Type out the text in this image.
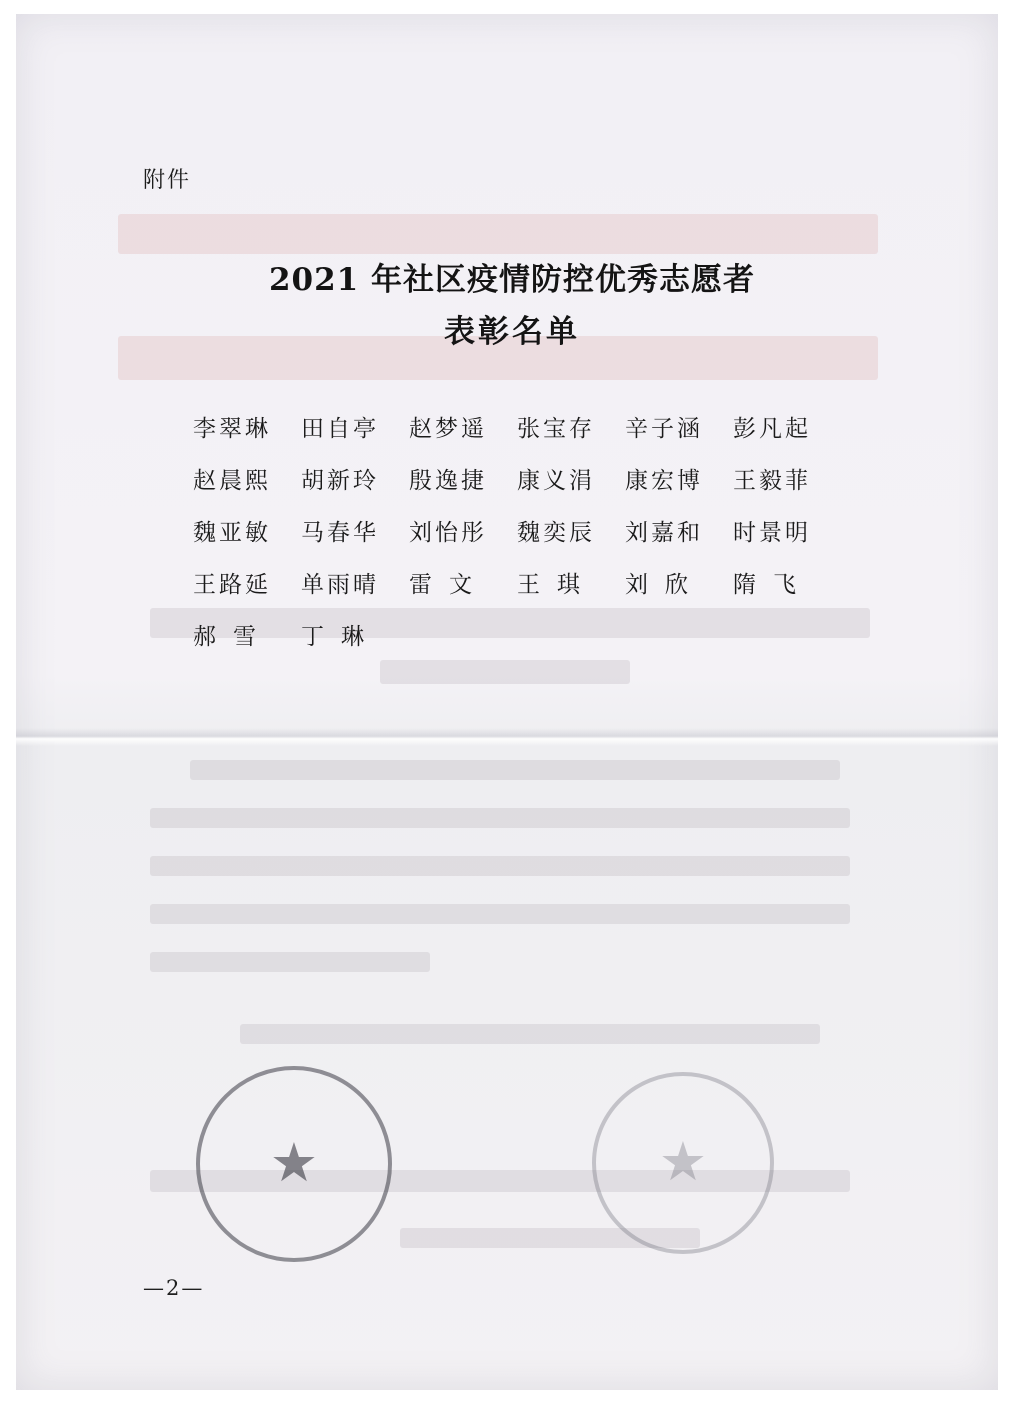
附件
2021 年社区疫情防控优秀志愿者
表彰名单
李翠琳	田自亭	赵梦遥	张宝存	辛子涵	彭凡起
赵晨熙	胡新玲	殷逸捷	康义涓	康宏博	王毅菲
魏亚敏	马春华	刘怡彤	魏奕辰	刘嘉和	时景明
王路延	单雨晴	雷文	王琪	刘欣	隋飞
郝雪	丁琳
★	★
—2—
